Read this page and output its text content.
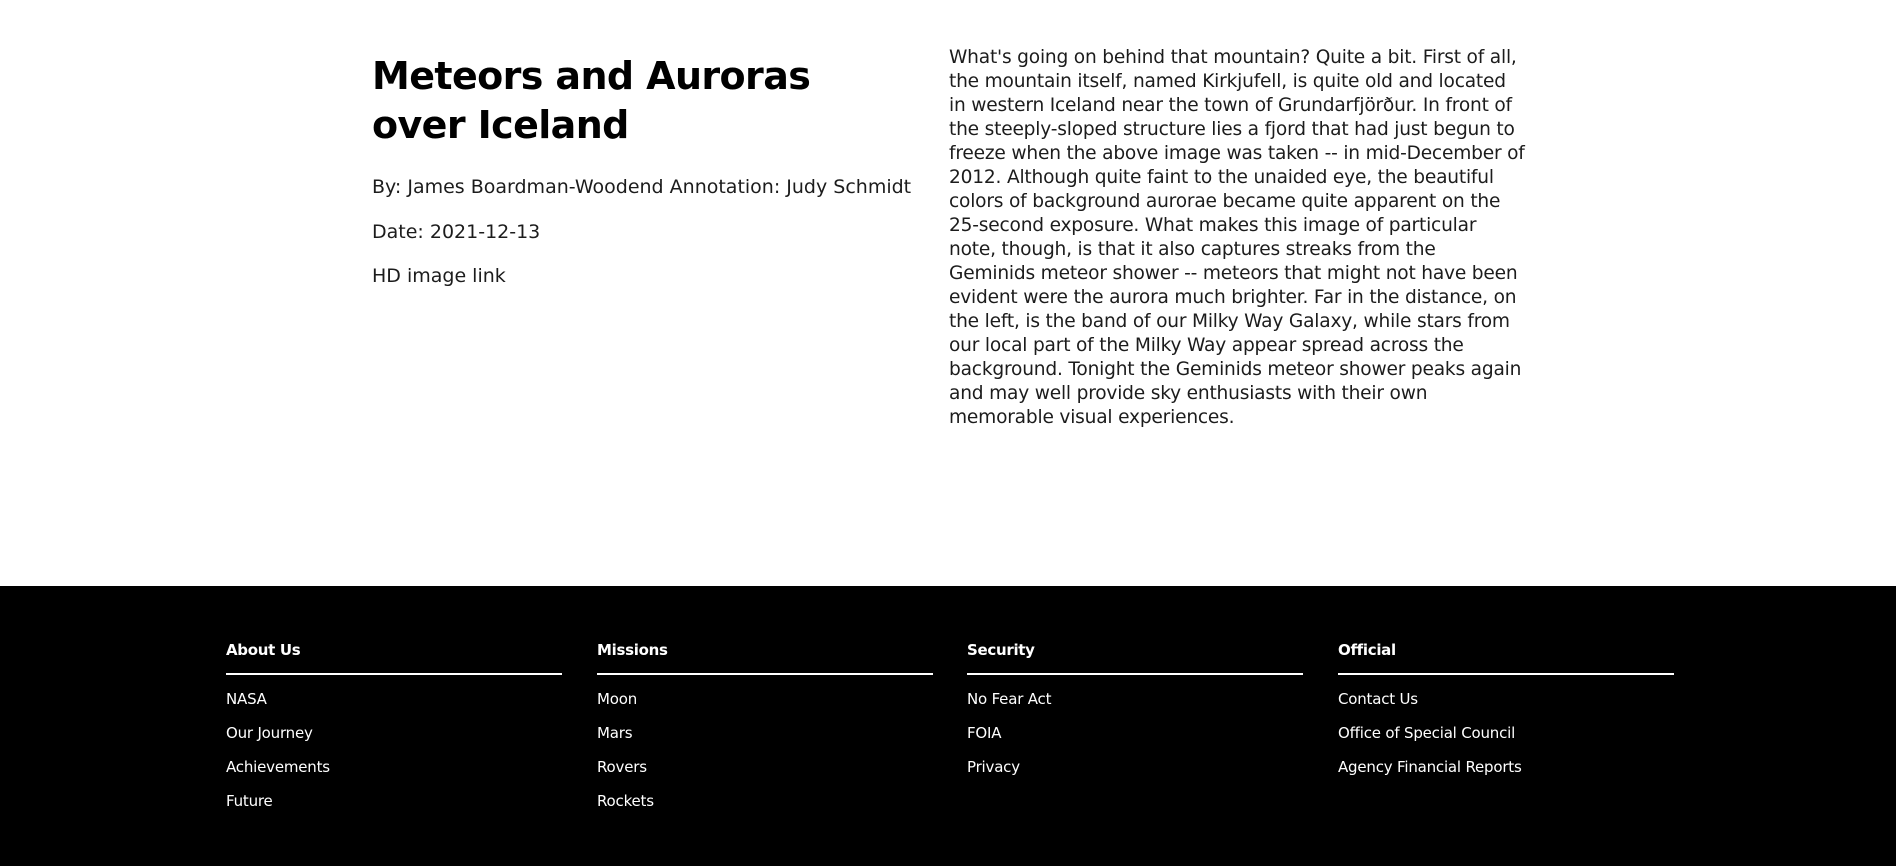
Meteors and Auroras over Iceland

By: James Boardman-Woodend Annotation: Judy Schmidt

Date: 2021-12-13

HD image link

What's going on behind that mountain? Quite a bit. First of all, the mountain itself, named Kirkjufell, is quite old and located in western Iceland near the town of Grundarfjörður. In front of the steeply-sloped structure lies a fjord that had just begun to freeze when the above image was taken -- in mid-December of 2012. Although quite faint to the unaided eye, the beautiful colors of background aurorae became quite apparent on the 25-second exposure. What makes this image of particular note, though, is that it also captures streaks from the Geminids meteor shower -- meteors that might not have been evident were the aurora much brighter. Far in the distance, on the left, is the band of our Milky Way Galaxy, while stars from our local part of the Milky Way appear spread across the background. Tonight the Geminids meteor shower peaks again and may well provide sky enthusiasts with their own memorable visual experiences.

About Us
NASA
Our Journey
Achievements
Future
Missions
Moon
Mars
Rovers
Rockets
Security
No Fear Act
FOIA
Privacy
Official
Contact Us
Office of Special Council
Agency Financial Reports
